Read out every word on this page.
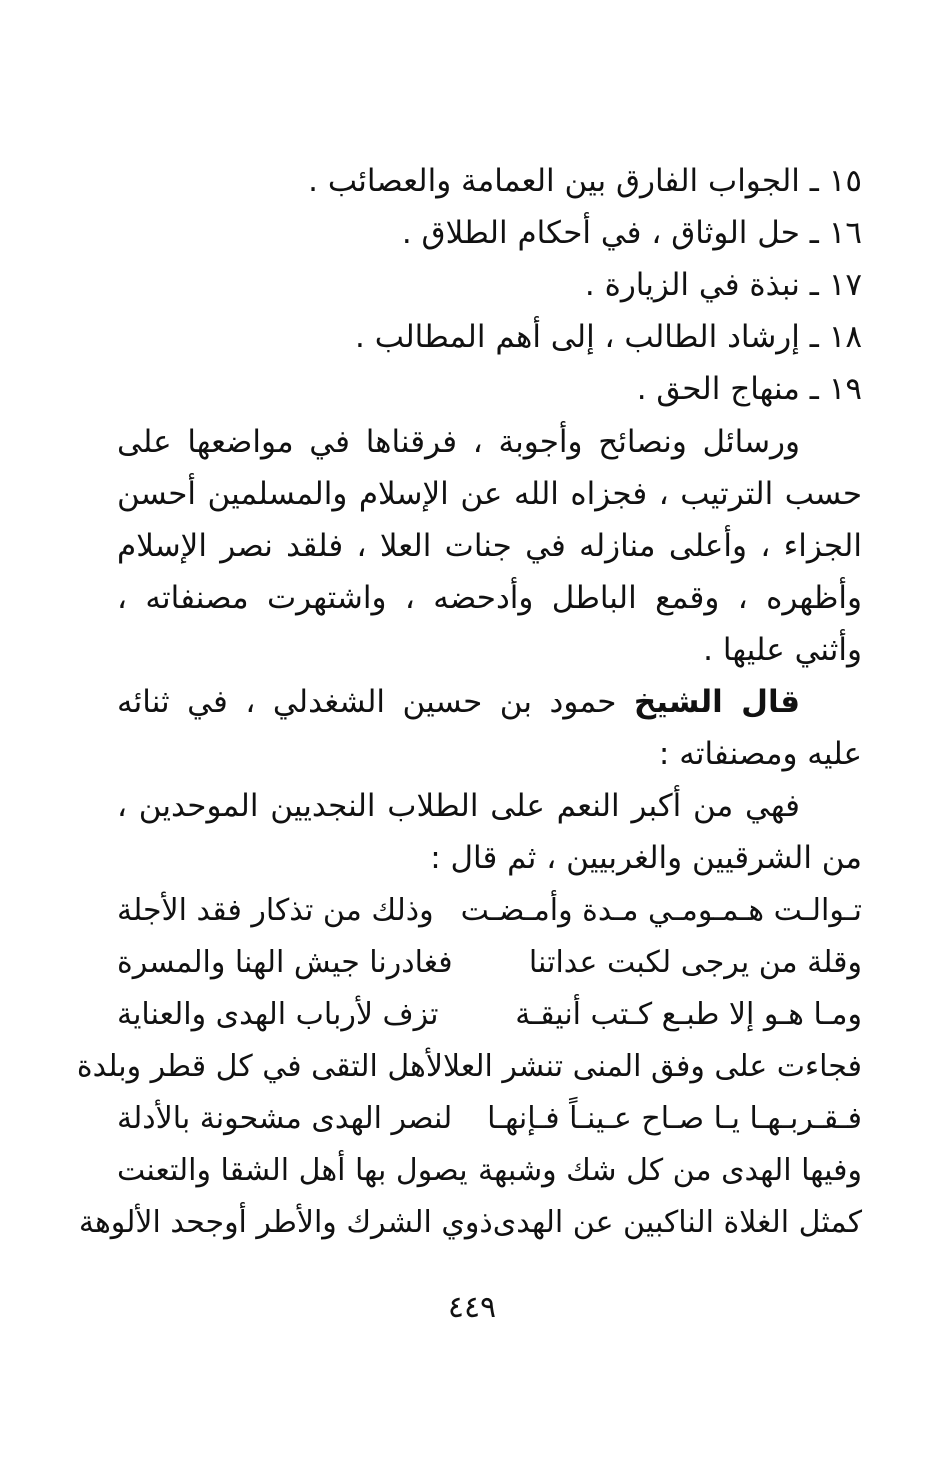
١٥ ـ الجواب الفارق بين العمامة والعصائب .
١٦ ـ حل الوثاق ، في أحكام الطلاق .
١٧ ـ نبذة في الزيارة .
١٨ ـ إرشاد الطالب ، إلى أهم المطالب .
١٩ ـ منهاج الحق .

ورسائل ونصائح وأجوبة ، فرقناها في مواضعها على حسب الترتيب ، فجزاه الله عن الإسلام والمسلمين أحسن الجزاء ، وأعلى منازله في جنات العلا ، فلقد نصر الإسلام وأظهره ، وقمع الباطل وأدحضه ، واشتهرت مصنفاته ، وأثني عليها .

قال الشيخ حمود بن حسين الشغدلي ، في ثنائه عليه ومصنفاته :

فهي من أكبر النعم على الطلاب النجديين الموحدين ، من الشرقيين والغربيين ، ثم قال :

تـوالـت هـمـومـي مـدة وأمـضـت
وذلك من تذكار فقد الأجلة
وقلة من يرجى لكبت عداتنا
فغادرنا جيش الهنا والمسرة
ومـا هـو إلا طبـع كـتب أنيقـة
تزف لأرباب الهدى والعناية
فجاءت على وفق المنى تنشر العلا
لأهل التقى في كل قطر وبلدة
فـقـربـهـا يـا صـاح عـينـاً فـإنهـا
لنصر الهدى مشحونة بالأدلة
وفيها الهدى من كل شك وشبهة
يصول بها أهل الشقا والتعنت
كمثل الغلاة الناكبين عن الهدى
ذوي الشرك والأطر أوجحد الألوهة
٤٤٩
